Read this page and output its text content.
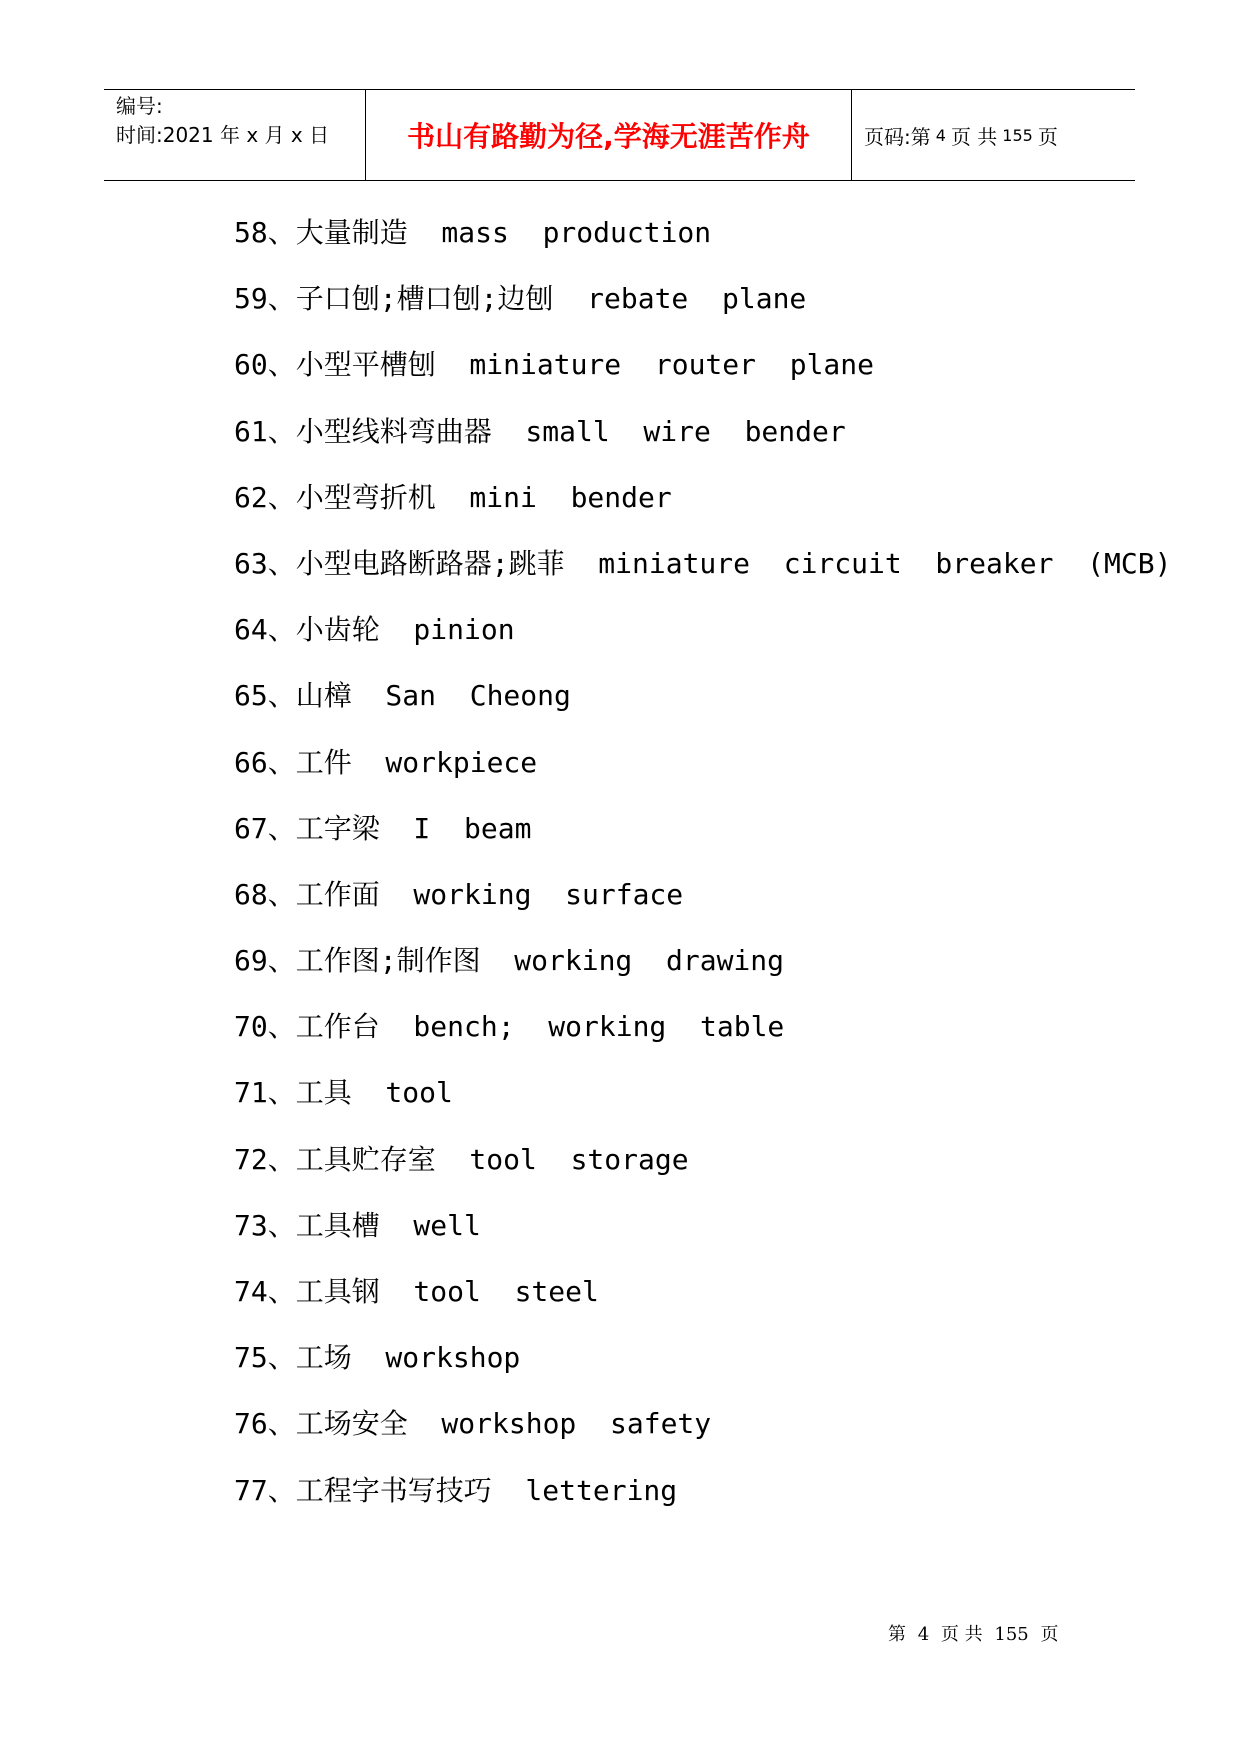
编号:
时间:2021 年 x 月 x 日	书山有路勤为径,学海无涯苦作舟	页码:第 4 页 共 155 页
58、大量制造  mass  production
59、子口刨;槽口刨;边刨  rebate  plane
60、小型平槽刨  miniature  router  plane
61、小型线料弯曲器  small  wire  bender
62、小型弯折机  mini  bender
63、小型电路断路器;跳菲  miniature  circuit  breaker  (MCB)
64、小齿轮  pinion
65、山樟  San  Cheong
66、工件  workpiece
67、工字梁  I  beam
68、工作面  working  surface
69、工作图;制作图  working  drawing
70、工作台  bench;  working  table
71、工具  tool
72、工具贮存室  tool  storage
73、工具槽  well
74、工具钢  tool  steel
75、工场  workshop
76、工场安全  workshop  safety
77、工程字书写技巧  lettering
第 4 页 共 155 页
